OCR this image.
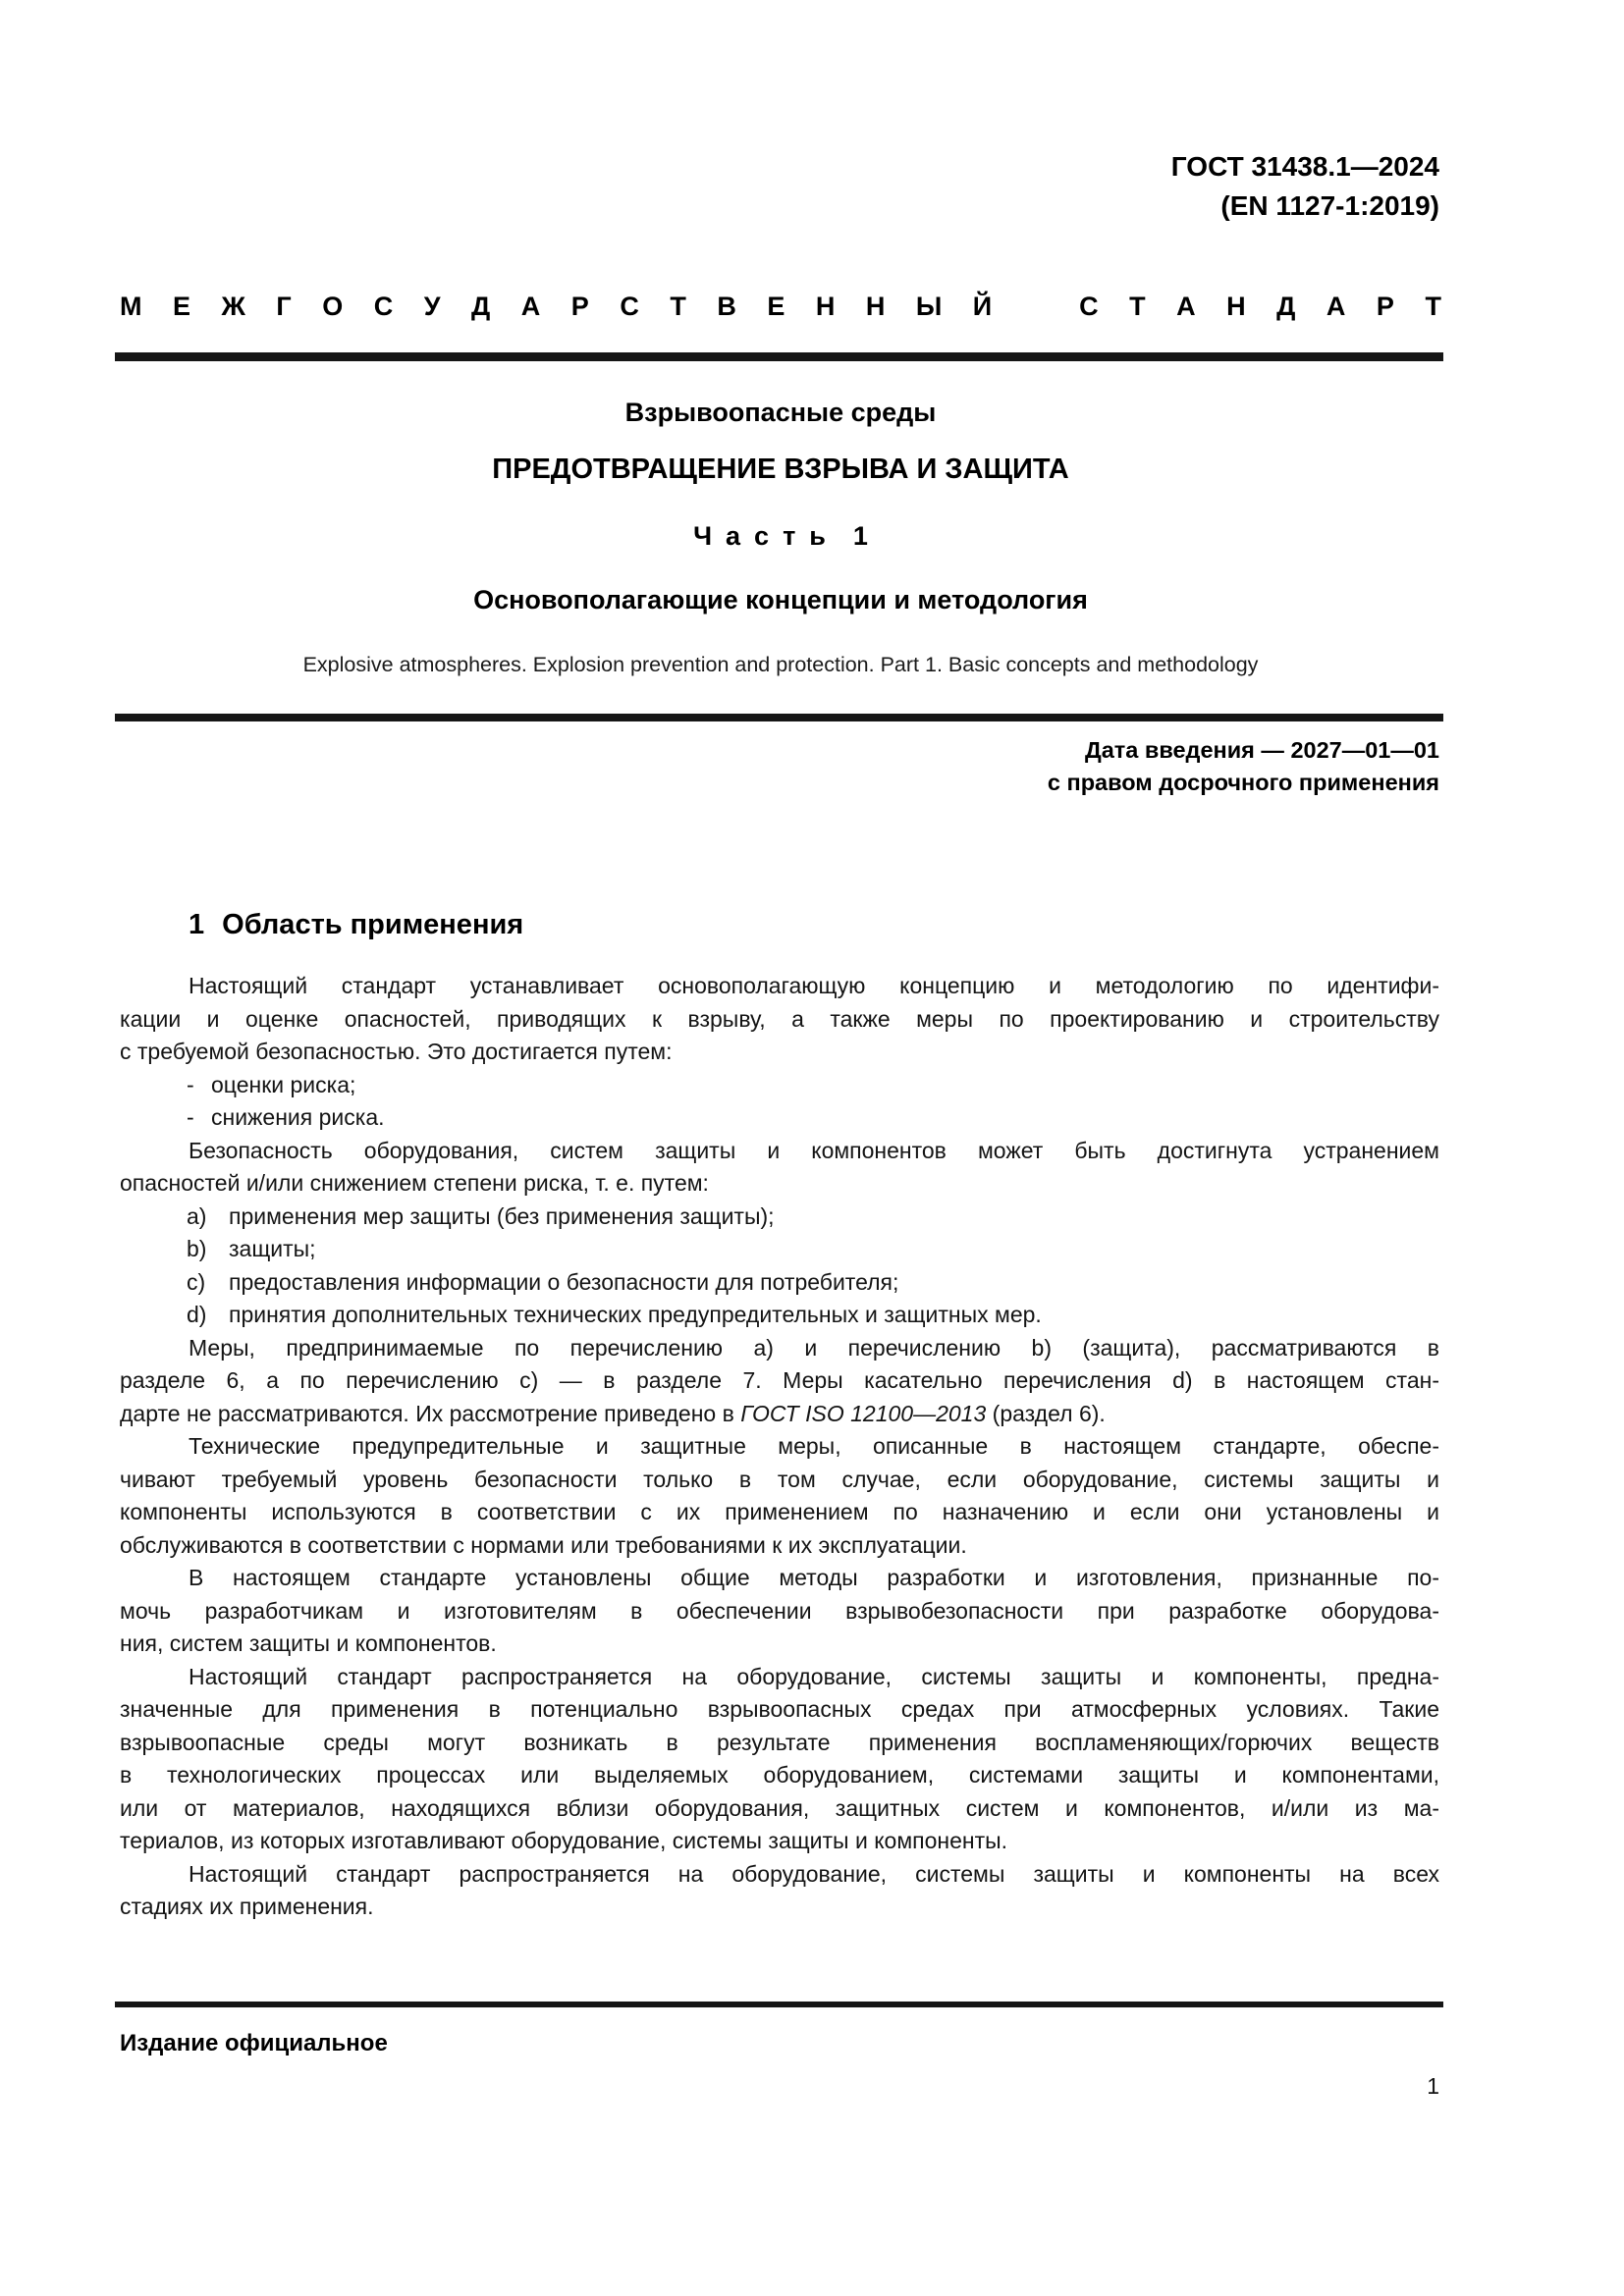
ГОСТ 31438.1—2024
(EN 1127-1:2019)
М Е Ж Г О С У Д А Р С Т В Е Н Н Ы Й	С Т А Н Д А Р Т
Взрывоопасные среды
ПРЕДОТВРАЩЕНИЕ ВЗРЫВА И ЗАЩИТА
Часть 1
Основополагающие концепции и методология
Explosive atmospheres. Explosion prevention and protection. Part 1. Basic concepts and methodology
Дата введения — 2027—01—01
с правом досрочного применения
1 Область применения
Настоящий стандарт устанавливает основополагающую концепцию и методологию по идентифи-
кации и оценке опасностей, приводящих к взрыву, а также меры по проектированию и строительству
с требуемой безопасностью. Это достигается путем:
- оценки риска;
- снижения риска.
Безопасность оборудования, систем защиты и компонентов может быть достигнута устранением
опасностей и/или снижением степени риска, т. е. путем:
a) применения мер защиты (без применения защиты);
b) защиты;
c) предоставления информации о безопасности для потребителя;
d) принятия дополнительных технических предупредительных и защитных мер.
Меры, предпринимаемые по перечислению a) и перечислению b) (защита), рассматриваются в
разделе 6, а по перечислению c) — в разделе 7. Меры касательно перечисления d) в настоящем стан-
дарте не рассматриваются. Их рассмотрение приведено в ГОСТ ISO 12100—2013 (раздел 6).
Технические предупредительные и защитные меры, описанные в настоящем стандарте, обеспе-
чивают требуемый уровень безопасности только в том случае, если оборудование, системы защиты и
компоненты используются в соответствии с их применением по назначению и если они установлены и
обслуживаются в соответствии с нормами или требованиями к их эксплуатации.
В настоящем стандарте установлены общие методы разработки и изготовления, признанные по-
мочь разработчикам и изготовителям в обеспечении взрывобезопасности при разработке оборудова-
ния, систем защиты и компонентов.
Настоящий стандарт распространяется на оборудование, системы защиты и компоненты, предна-
значенные для применения в потенциально взрывоопасных средах при атмосферных условиях. Такие
взрывоопасные среды могут возникать в результате применения воспламеняющих/горючих веществ
в технологических процессах или выделяемых оборудованием, системами защиты и компонентами,
или от материалов, находящихся вблизи оборудования, защитных систем и компонентов, и/или из ма-
териалов, из которых изготавливают оборудование, системы защиты и компоненты.
Настоящий стандарт распространяется на оборудование, системы защиты и компоненты на всех
стадиях их применения.
Издание официальное
1
